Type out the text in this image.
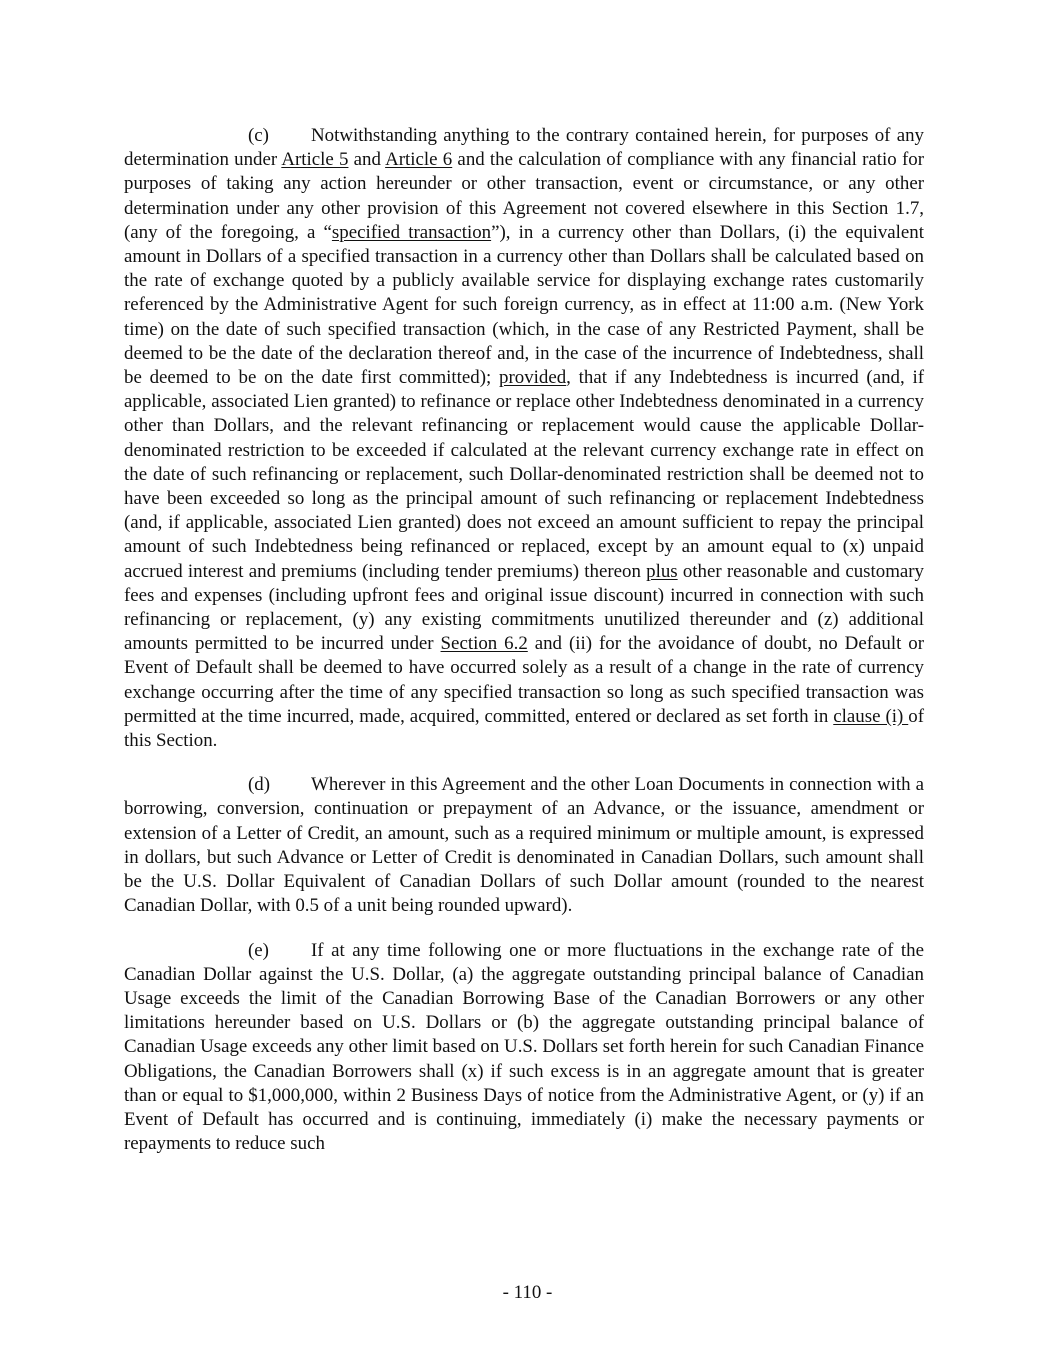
(c) Notwithstanding anything to the contrary contained herein, for purposes of any determination under Article 5 and Article 6 and the calculation of compliance with any financial ratio for purposes of taking any action hereunder or other transaction, event or circumstance, or any other determination under any other provision of this Agreement not covered elsewhere in this Section 1.7, (any of the foregoing, a “specified transaction”), in a currency other than Dollars, (i) the equivalent amount in Dollars of a specified transaction in a currency other than Dollars shall be calculated based on the rate of exchange quoted by a publicly available service for displaying exchange rates customarily referenced by the Administrative Agent for such foreign currency, as in effect at 11:00 a.m. (New York time) on the date of such specified transaction (which, in the case of any Restricted Payment, shall be deemed to be the date of the declaration thereof and, in the case of the incurrence of Indebtedness, shall be deemed to be on the date first committed); provided, that if any Indebtedness is incurred (and, if applicable, associated Lien granted) to refinance or replace other Indebtedness denominated in a currency other than Dollars, and the relevant refinancing or replacement would cause the applicable Dollar-denominated restriction to be exceeded if calculated at the relevant currency exchange rate in effect on the date of such refinancing or replacement, such Dollar-denominated restriction shall be deemed not to have been exceeded so long as the principal amount of such refinancing or replacement Indebtedness (and, if applicable, associated Lien granted) does not exceed an amount sufficient to repay the principal amount of such Indebtedness being refinanced or replaced, except by an amount equal to (x) unpaid accrued interest and premiums (including tender premiums) thereon plus other reasonable and customary fees and expenses (including upfront fees and original issue discount) incurred in connection with such refinancing or replacement, (y) any existing commitments unutilized thereunder and (z) additional amounts permitted to be incurred under Section 6.2 and (ii) for the avoidance of doubt, no Default or Event of Default shall be deemed to have occurred solely as a result of a change in the rate of currency exchange occurring after the time of any specified transaction so long as such specified transaction was permitted at the time incurred, made, acquired, committed, entered or declared as set forth in clause (i) of this Section.

(d) Wherever in this Agreement and the other Loan Documents in connection with a borrowing, conversion, continuation or prepayment of an Advance, or the issuance, amendment or extension of a Letter of Credit, an amount, such as a required minimum or multiple amount, is expressed in dollars, but such Advance or Letter of Credit is denominated in Canadian Dollars, such amount shall be the U.S. Dollar Equivalent of Canadian Dollars of such Dollar amount (rounded to the nearest Canadian Dollar, with 0.5 of a unit being rounded upward).

(e) If at any time following one or more fluctuations in the exchange rate of the Canadian Dollar against the U.S. Dollar, (a) the aggregate outstanding principal balance of Canadian Usage exceeds the limit of the Canadian Borrowing Base of the Canadian Borrowers or any other limitations hereunder based on U.S. Dollars or (b) the aggregate outstanding principal balance of Canadian Usage exceeds any other limit based on U.S. Dollars set forth herein for such Canadian Finance Obligations, the Canadian Borrowers shall (x) if such excess is in an aggregate amount that is greater than or equal to $1,000,000, within 2 Business Days of notice from the Administrative Agent, or (y) if an Event of Default has occurred and is continuing, immediately (i) make the necessary payments or repayments to reduce such

- 110 -
